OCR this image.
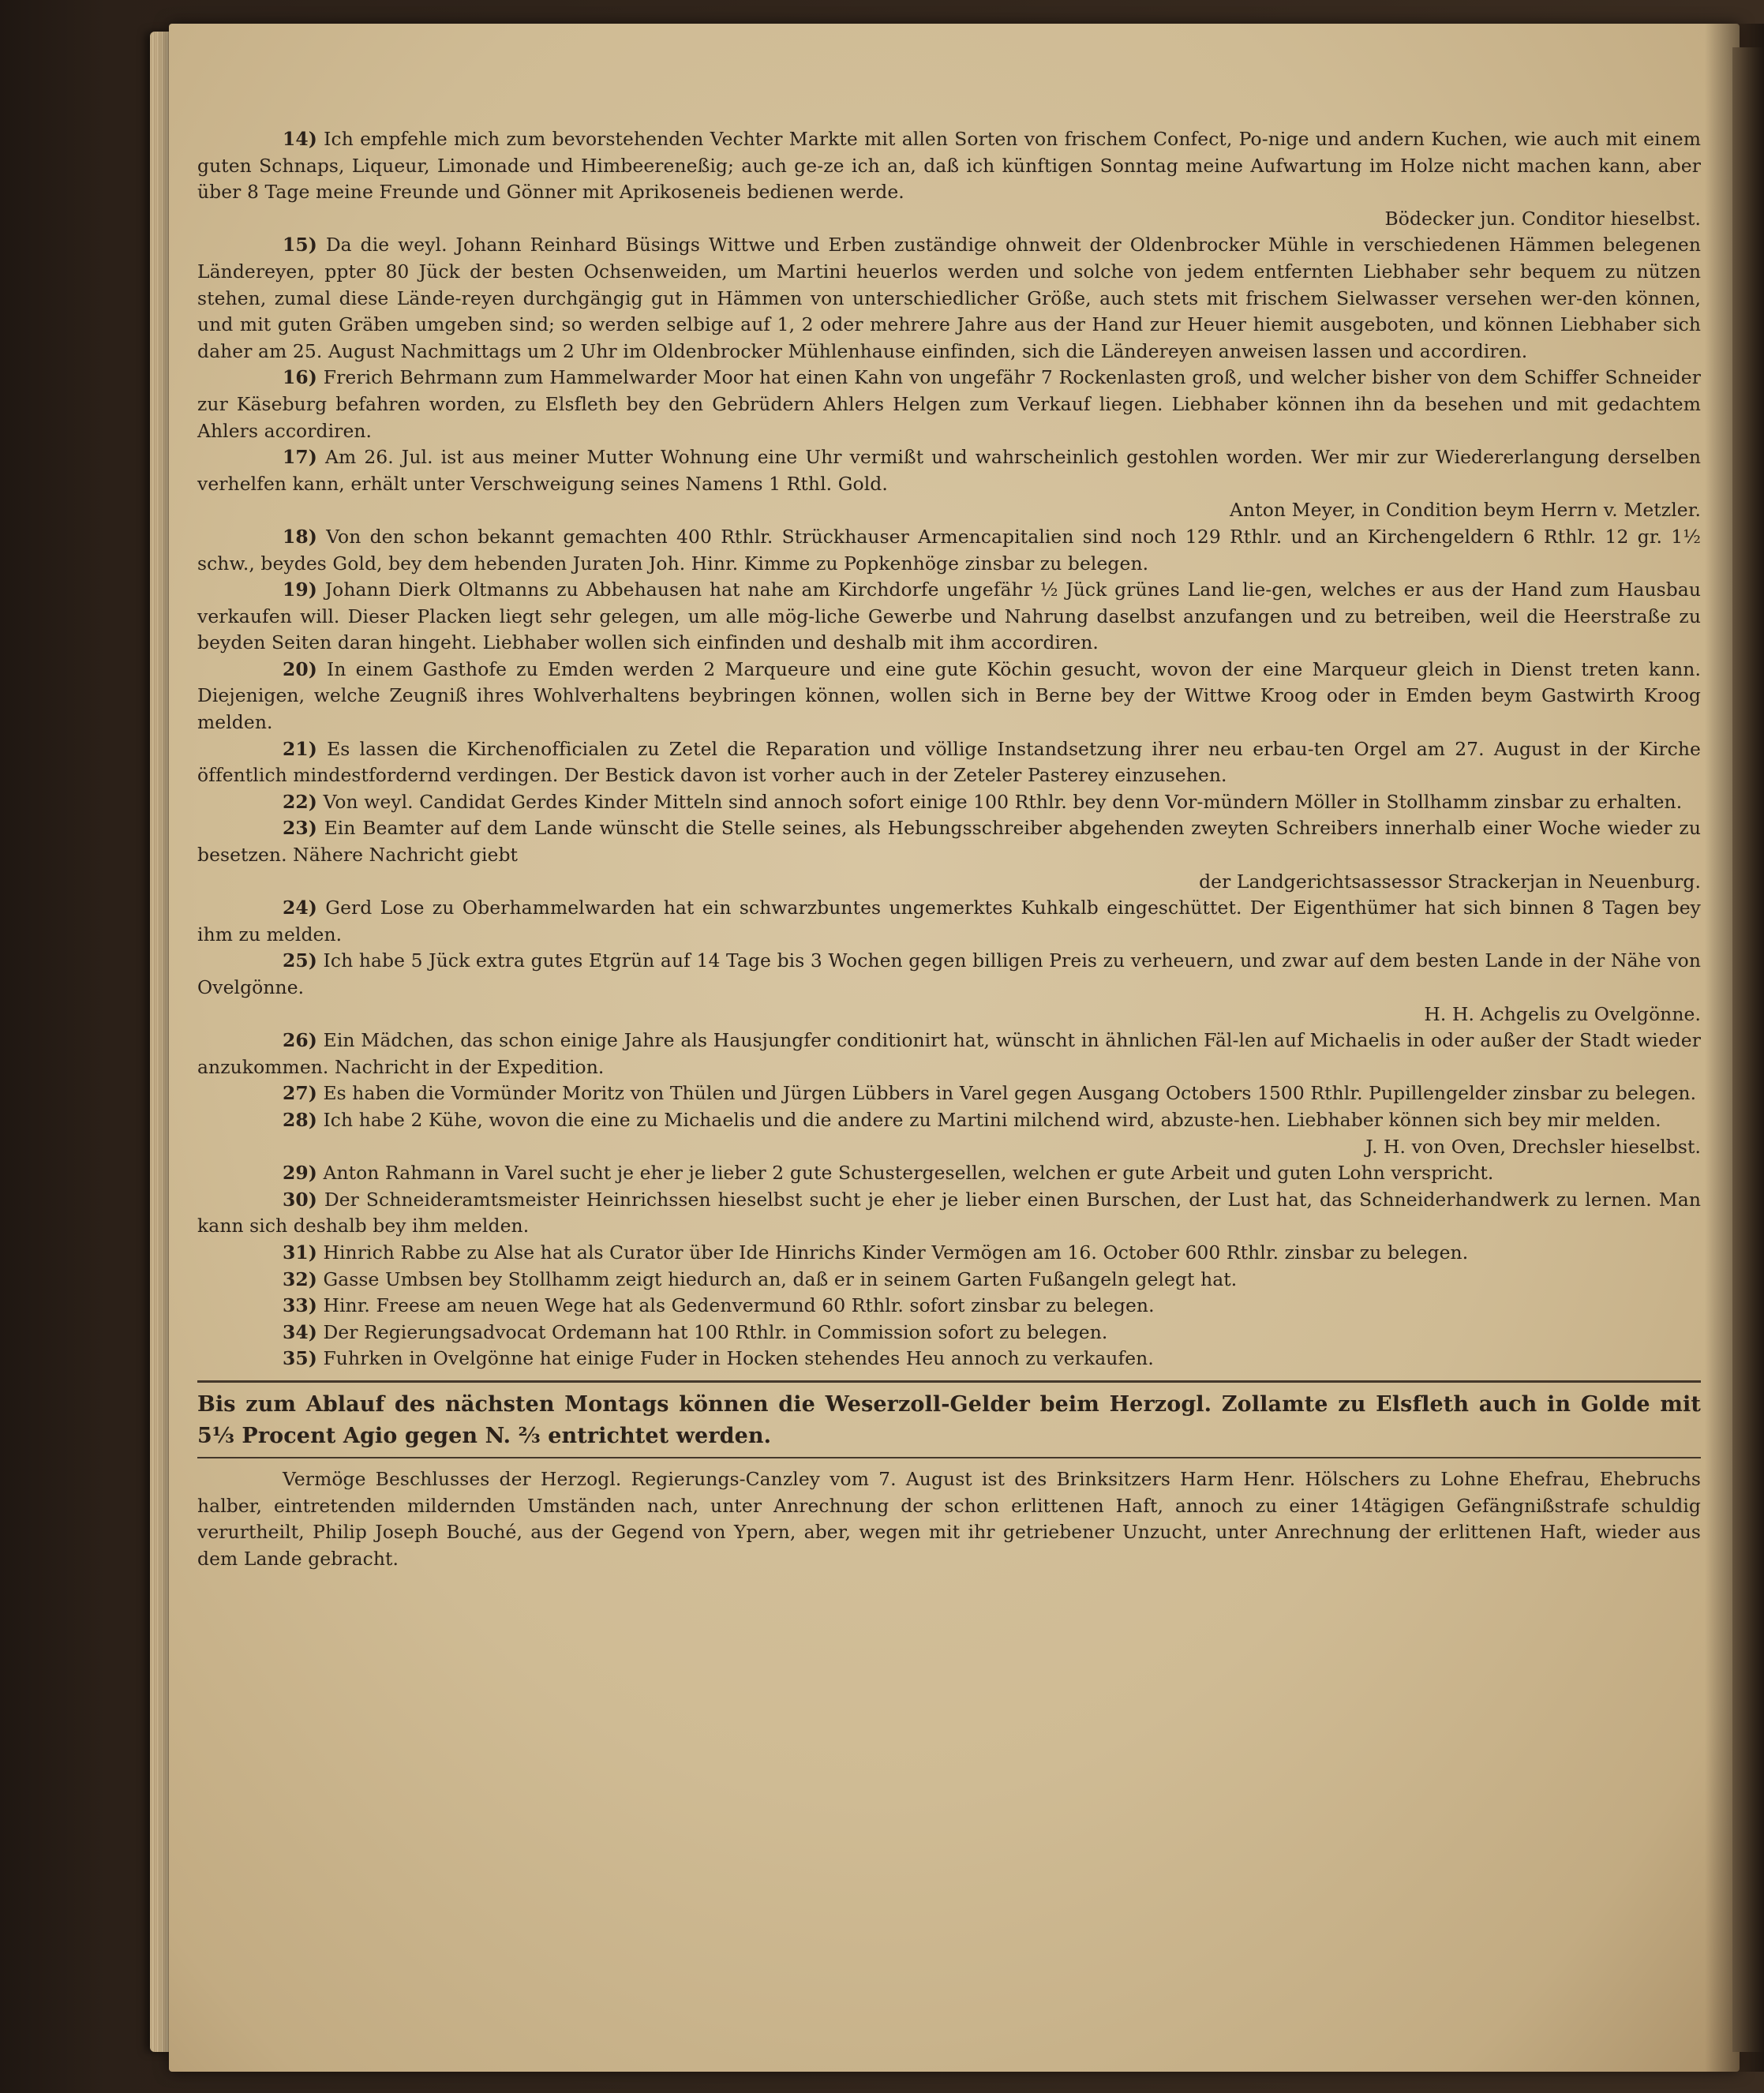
14) Ich empfehle mich zum bevorstehenden Vechter Markte mit allen Sorten von frischem Confect, Po-nige und andern Kuchen, wie auch mit einem guten Schnaps, Liqueur, Limonade und Himbeereneßig; auch ge-ze ich an, daß ich künftigen Sonntag meine Aufwartung im Holze nicht machen kann, aber über 8 Tage meine Freunde und Gönner mit Aprikoseneis bedienen werde.
Bödecker jun. Conditor hieselbst.

15) Da die weyl. Johann Reinhard Büsings Wittwe und Erben zuständige ohnweit der Oldenbrocker Mühle in verschiedenen Hämmen belegenen Ländereyen, ppter 80 Jück der besten Ochsenweiden, um Martini heuerlos werden und solche von jedem entfernten Liebhaber sehr bequem zu nützen stehen, zumal diese Lände-reyen durchgängig gut in Hämmen von unterschiedlicher Größe, auch stets mit frischem Sielwasser versehen wer-den können, und mit guten Gräben umgeben sind; so werden selbige auf 1, 2 oder mehrere Jahre aus der Hand zur Heuer hiemit ausgeboten, und können Liebhaber sich daher am 25. August Nachmittags um 2 Uhr im Oldenbrocker Mühlenhause einfinden, sich die Ländereyen anweisen lassen und accordiren.

16) Frerich Behrmann zum Hammelwarder Moor hat einen Kahn von ungefähr 7 Rockenlasten groß, und welcher bisher von dem Schiffer Schneider zur Käseburg befahren worden, zu Elsfleth bey den Gebrüdern Ahlers Helgen zum Verkauf liegen. Liebhaber können ihn da besehen und mit gedachtem Ahlers accordiren.

17) Am 26. Jul. ist aus meiner Mutter Wohnung eine Uhr vermißt und wahrscheinlich gestohlen worden. Wer mir zur Wiedererlangung derselben verhelfen kann, erhält unter Verschweigung seines Namens 1 Rthl. Gold.
Anton Meyer, in Condition beym Herrn v. Metzler.

18) Von den schon bekannt gemachten 400 Rthlr. Strückhauser Armencapitalien sind noch 129 Rthlr. und an Kirchengeldern 6 Rthlr. 12 gr. 1½ schw., beydes Gold, bey dem hebenden Juraten Joh. Hinr. Kimme zu Popkenhöge zinsbar zu belegen.

19) Johann Dierk Oltmanns zu Abbehausen hat nahe am Kirchdorfe ungefähr ½ Jück grünes Land lie-gen, welches er aus der Hand zum Hausbau verkaufen will. Dieser Placken liegt sehr gelegen, um alle mög-liche Gewerbe und Nahrung daselbst anzufangen und zu betreiben, weil die Heerstraße zu beyden Seiten daran hingeht. Liebhaber wollen sich einfinden und deshalb mit ihm accordiren.

20) In einem Gasthofe zu Emden werden 2 Marqueure und eine gute Köchin gesucht, wovon der eine Marqueur gleich in Dienst treten kann. Diejenigen, welche Zeugniß ihres Wohlverhaltens beybringen können, wollen sich in Berne bey der Wittwe Kroog oder in Emden beym Gastwirth Kroog melden.

21) Es lassen die Kirchenofficialen zu Zetel die Reparation und völlige Instandsetzung ihrer neu erbau-ten Orgel am 27. August in der Kirche öffentlich mindestfordernd verdingen. Der Bestick davon ist vorher auch in der Zeteler Pasterey einzusehen.

22) Von weyl. Candidat Gerdes Kinder Mitteln sind annoch sofort einige 100 Rthlr. bey denn Vor-mündern Möller in Stollhamm zinsbar zu erhalten.

23) Ein Beamter auf dem Lande wünscht die Stelle seines, als Hebungsschreiber abgehenden zweyten Schreibers innerhalb einer Woche wieder zu besetzen. Nähere Nachricht giebt
der Landgerichtsassessor Strackerjan in Neuenburg.

24) Gerd Lose zu Oberhammelwarden hat ein schwarzbuntes ungemerktes Kuhkalb eingeschüttet. Der Eigenthümer hat sich binnen 8 Tagen bey ihm zu melden.

25) Ich habe 5 Jück extra gutes Etgrün auf 14 Tage bis 3 Wochen gegen billigen Preis zu verheuern, und zwar auf dem besten Lande in der Nähe von Ovelgönne.
H. H. Achgelis zu Ovelgönne.

26) Ein Mädchen, das schon einige Jahre als Hausjungfer conditionirt hat, wünscht in ähnlichen Fäl-len auf Michaelis in oder außer der Stadt wieder anzukommen. Nachricht in der Expedition.

27) Es haben die Vormünder Moritz von Thülen und Jürgen Lübbers in Varel gegen Ausgang Octobers 1500 Rthlr. Pupillengelder zinsbar zu belegen.

28) Ich habe 2 Kühe, wovon die eine zu Michaelis und die andere zu Martini milchend wird, abzuste-hen. Liebhaber können sich bey mir melden.
J. H. von Oven, Drechsler hieselbst.

29) Anton Rahmann in Varel sucht je eher je lieber 2 gute Schustergesellen, welchen er gute Arbeit und guten Lohn verspricht.

30) Der Schneideramtsmeister Heinrichssen hieselbst sucht je eher je lieber einen Burschen, der Lust hat, das Schneiderhandwerk zu lernen. Man kann sich deshalb bey ihm melden.

31) Hinrich Rabbe zu Alse hat als Curator über Ide Hinrichs Kinder Vermögen am 16. October 600 Rthlr. zinsbar zu belegen.

32) Gasse Umbsen bey Stollhamm zeigt hiedurch an, daß er in seinem Garten Fußangeln gelegt hat.

33) Hinr. Freese am neuen Wege hat als Gedenvermund 60 Rthlr. sofort zinsbar zu belegen.

34) Der Regierungsadvocat Ordemann hat 100 Rthlr. in Commission sofort zu belegen.

35) Fuhrken in Ovelgönne hat einige Fuder in Hocken stehendes Heu annoch zu verkaufen.

Bis zum Ablauf des nächsten Montags können die Weserzoll-Gelder beim Herzogl. Zollamte zu Elsfleth auch in Golde mit 5⅓ Procent Agio gegen N. ⅔ entrichtet werden.

Vermöge Beschlusses der Herzogl. Regierungs-Canzley vom 7. August ist des Brinksitzers Harm Henr. Hölschers zu Lohne Ehefrau, Ehebruchs halber, eintretenden mildernden Umständen nach, unter Anrechnung der schon erlittenen Haft, annoch zu einer 14tägigen Gefängnißstrafe schuldig verurtheilt, Philip Joseph Bouché, aus der Gegend von Ypern, aber, wegen mit ihr getriebener Unzucht, unter Anrechnung der erlittenen Haft, wieder aus dem Lande gebracht.
